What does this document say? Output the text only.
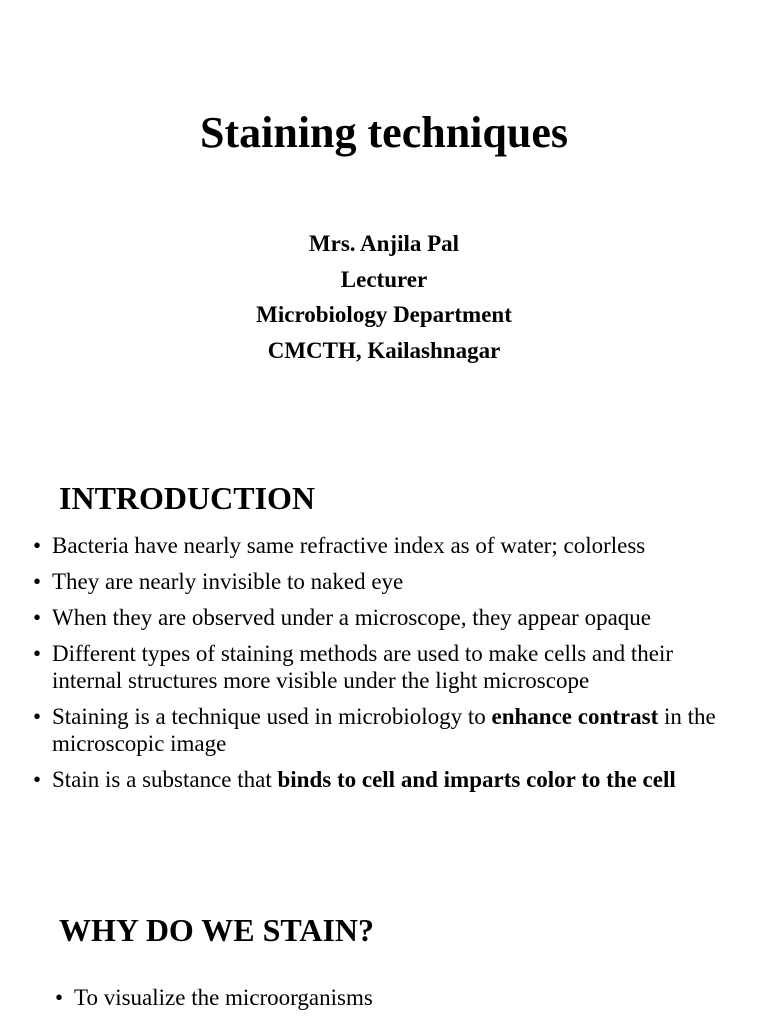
Staining techniques
Mrs. Anjila Pal
Lecturer
Microbiology Department
CMCTH, Kailashnagar
INTRODUCTION
• Bacteria have nearly same refractive index as of water; colorless
• They are nearly invisible to naked eye
• When they are observed under a microscope, they appear opaque
• Different types of staining methods are used to make cells and their internal structures more visible under the light microscope
• Staining is a technique used in microbiology to enhance contrast in the microscopic image
• Stain is a substance that binds to cell and imparts color to the cell
WHY DO WE STAIN?
• To visualize the microorganisms
